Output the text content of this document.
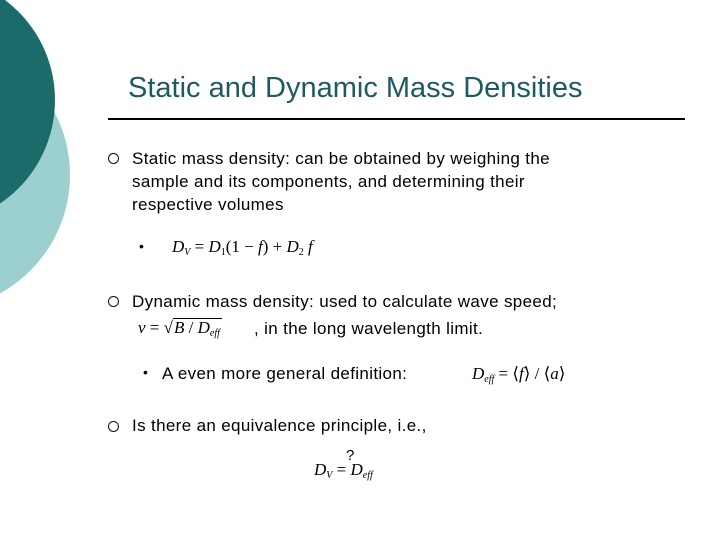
Static and Dynamic Mass Densities
Static mass density: can be obtained by weighing the
sample and its components, and determining their
respective volumes
• $D_V = D_1(1 - f) + D_2$ f
Dynamic mass density: used to calculate wave speed;
$v = √B / D_{eff}$ , in the long wavelength limit.
• A even more general definition:	$D_{eff}$ = ⟨f⟩ / ⟨a⟩
Is there an equivalence principle, i.e.,
?
$D_V = D_{eff}$
